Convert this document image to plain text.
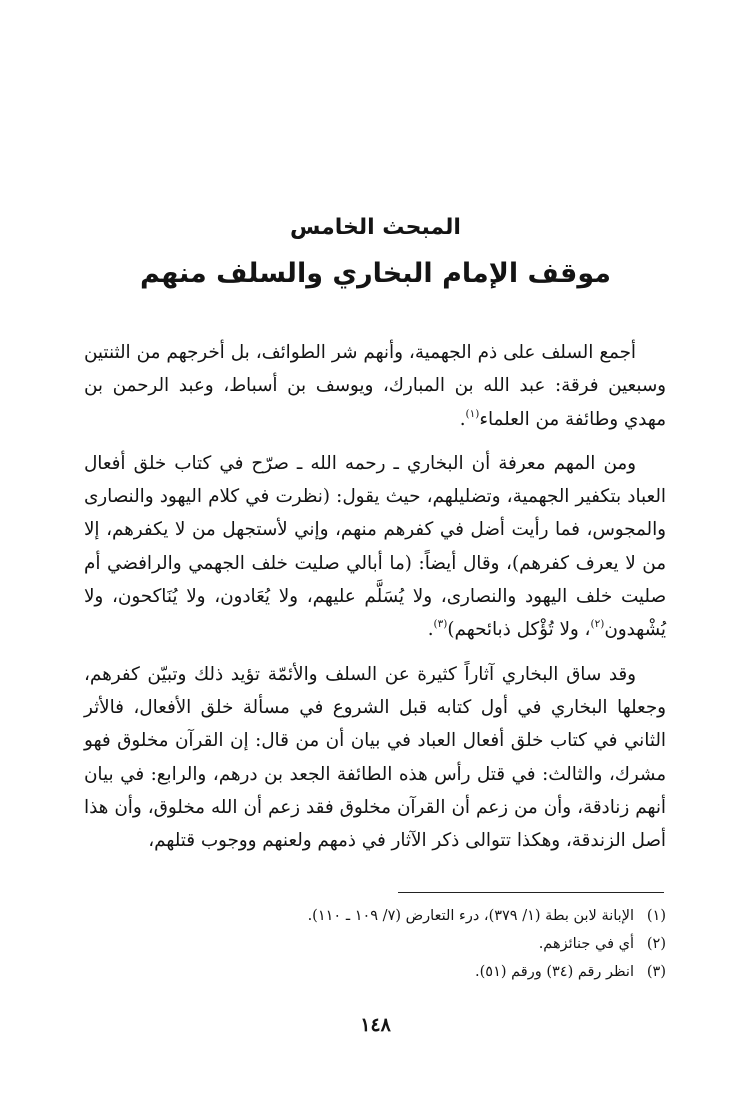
المبحث الخامس
موقف الإمام البخاري والسلف منهم

أجمع السلف على ذم الجهمية، وأنهم شر الطوائف، بل أخرجهم من الثنتين وسبعين فرقة: عبد الله بن المبارك، ويوسف بن أسباط، وعبد الرحمن بن مهدي وطائفة من العلماء$^{(١)}$.

ومن المهم معرفة أن البخاري ـ رحمه الله ـ صرّح في كتاب خلق أفعال العباد بتكفير الجهمية، وتضليلهم، حيث يقول: (نظرت في كلام اليهود والنصارى والمجوس، فما رأيت أضل في كفرهم منهم، وإني لأستجهل من لا يكفرهم، إلا من لا يعرف كفرهم)، وقال أيضاً: (ما أبالي صليت خلف الجهمي والرافضي أم صليت خلف اليهود والنصارى، ولا يُسَلَّم عليهم، ولا يُعَادون، ولا يُنَاكحون، ولا يُشْهدون$^{(٢)}$، ولا تُؤْكل ذبائحهم)$^{(٣)}$.

وقد ساق البخاري آثاراً كثيرة عن السلف والأئمّة تؤيد ذلك وتبيّن كفرهم، وجعلها البخاري في أول كتابه قبل الشروع في مسألة خلق الأفعال، فالأثر الثاني في كتاب خلق أفعال العباد في بيان أن من قال: إن القرآن مخلوق فهو مشرك، والثالث: في قتل رأس هذه الطائفة الجعد بن درهم، والرابع: في بيان أنهم زنادقة، وأن من زعم أن القرآن مخلوق فقد زعم أن الله مخلوق، وأن هذا أصل الزندقة، وهكذا تتوالى ذكر الآثار في ذمهم ولعنهم ووجوب قتلهم،

(١)
الإبانة لابن بطة (١/ ٣٧٩)، درء التعارض (٧/ ١٠٩ ـ ١١٠).
(٢)
أي في جنائزهم.
(٣)
انظر رقم (٣٤) ورقم (٥١).
١٤٨
